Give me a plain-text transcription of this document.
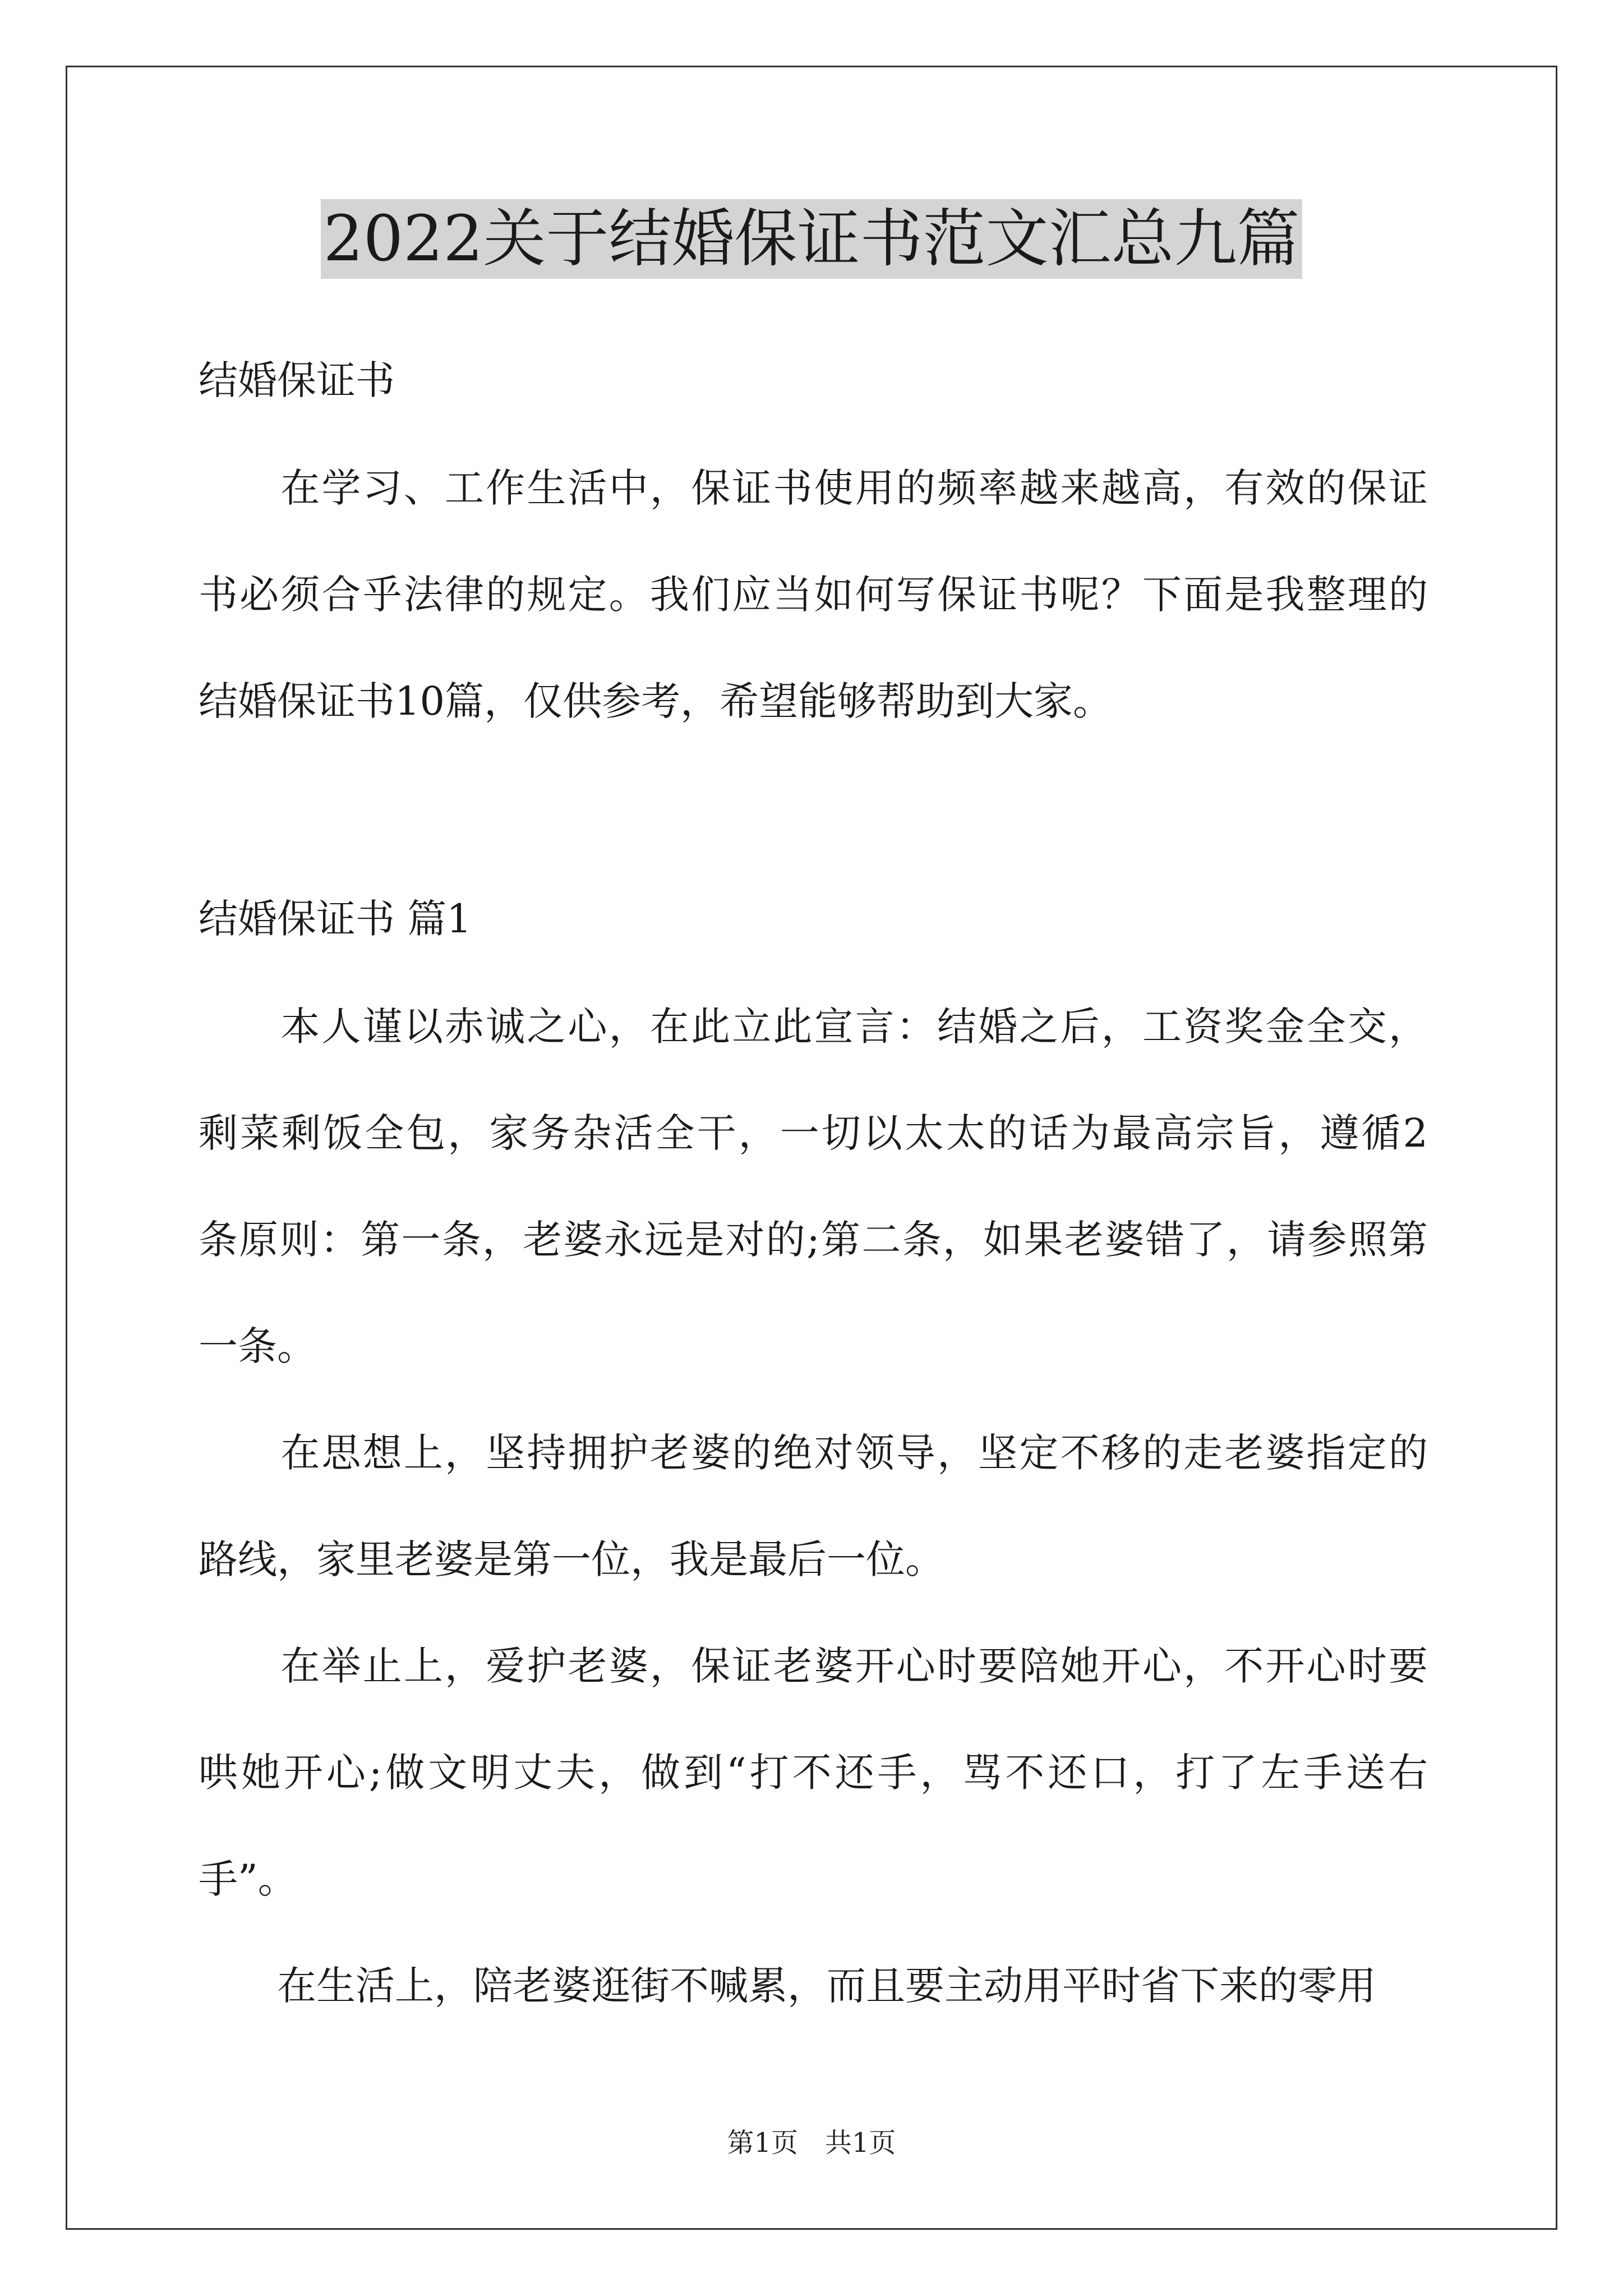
2022关于结婚保证书范文汇总九篇
结婚保证书
　　在学习、工作生活中，保证书使用的频率越来越高，有效的保证
书必须合乎法律的规定。我们应当如何写保证书呢？下面是我整理的
结婚保证书10篇，仅供参考，希望能够帮助到大家。
结婚保证书 篇1
　　本人谨以赤诚之心，在此立此宣言：结婚之后，工资奖金全交，
剩菜剩饭全包，家务杂活全干，一切以太太的话为最高宗旨，遵循2
条原则：第一条，老婆永远是对的;第二条，如果老婆错了，请参照第
一条。
　　在思想上，坚持拥护老婆的绝对领导，坚定不移的走老婆指定的
路线，家里老婆是第一位，我是最后一位。
　　在举止上，爱护老婆，保证老婆开心时要陪她开心，不开心时要
哄她开心;做文明丈夫，做到“打不还手，骂不还口，打了左手送右
手”。
　　在生活上，陪老婆逛街不喊累，而且要主动用平时省下来的零用
第1页　共1页
